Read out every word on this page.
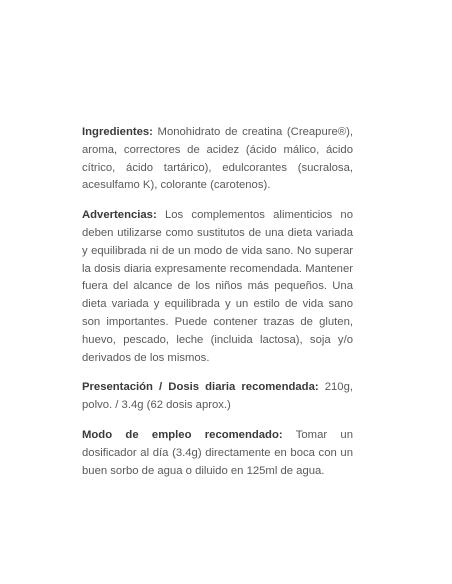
Ingredientes: Monohidrato de creatina (Creapure®), aroma, correctores de acidez (ácido málico, ácido cítrico, ácido tartárico), edulcorantes (sucralosa, acesulfamo K), colorante (carotenos).

Advertencias: Los complementos alimenticios no deben utilizarse como sustitutos de una dieta variada y equilibrada ni de un modo de vida sano. No superar la dosis diaria expresamente recomendada. Mantener fuera del alcance de los niños más pequeños. Una dieta variada y equilibrada y un estilo de vida sano son importantes. Puede contener trazas de gluten, huevo, pescado, leche (incluida lactosa), soja y/o derivados de los mismos.

Presentación / Dosis diaria recomendada: 210g, polvo. / 3.4g (62 dosis aprox.)

Modo de empleo recomendado: Tomar un dosificador al día (3.4g) directamente en boca con un buen sorbo de agua o diluido en 125ml de agua.
